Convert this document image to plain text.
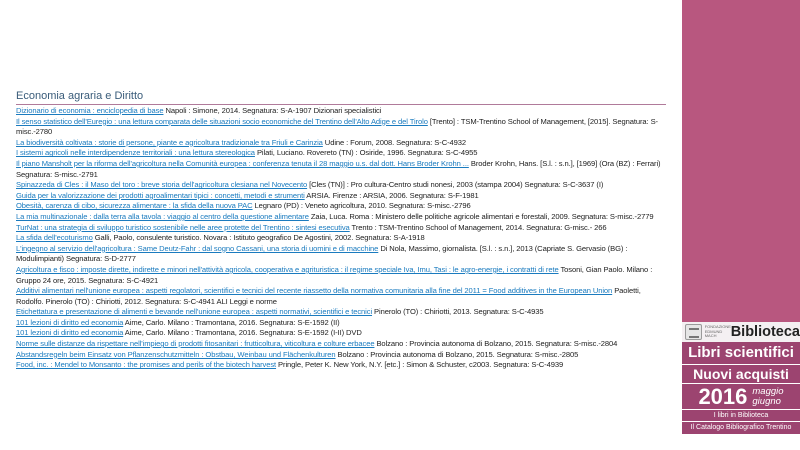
Economia agraria e Diritto
Dizionario di economia : enciclopedia di base Napoli : Simone, 2014. Segnatura: S-A-1907 Dizionari specialistici
Il senso statistico dell'Euregio : una lettura comparata delle situazioni socio economiche del Trentino dell'Alto Adige e del Tirolo [Trento] : TSM-Trentino School of Management, [2015]. Segnatura: S-misc.-2780
La biodiversità coltivata : storie di persone, piante e agricoltura tradizionale tra Friuli e Carinzia Udine : Forum, 2008. Segnatura: S-C-4932
I sistemi agricoli nelle interdipendenze territoriali : una lettura stereologica Pilati, Luciano. Rovereto (TN) : Osiride, 1996. Segnatura: S-C-4955
Il piano Mansholt per la riforma dell'agricoltura nella Comunità europea : conferenza tenuta il 28 maggio u.s. dal dott. Hans Broder Krohn ... Broder Krohn, Hans. [S.l. : s.n.], [1969] (Ora (BZ) : Ferrari) Segnatura: S-misc.-2791
Spinazzeda di Cles : il Maso del toro : breve storia dell'agricoltura clesiana nel Novecento [Cles (TN)] : Pro cultura-Centro studi nonesi, 2003 (stampa 2004) Segnatura: S-C-3637 (I)
Guida per la valorizzazione dei prodotti agroalimentari tipici : concetti, metodi e strumenti ARSIA. Firenze : ARSIA, 2006. Segnatura: S-F-1981
Obesità, carenza di cibo, sicurezza alimentare : la sfida della nuova PAC Legnaro (PD) : Veneto agricoltura, 2010. Segnatura: S-misc.-2796
La mia multinazionale : dalla terra alla tavola : viaggio al centro della questione alimentare Zaia, Luca. Roma : Ministero delle politiche agricole alimentari e forestali, 2009. Segnatura: S-misc.-2779
TurNat : una strategia di sviluppo turistico sostenibile nelle aree protette del Trentino : sintesi esecutiva Trento : TSM-Trentino School of Management, 2014. Segnatura: G-misc.- 266
La sfida dell'ecoturismo Galli, Paolo, consulente turistico. Novara : Istituto geografico De Agostini, 2002. Segnatura: S-A-1918
L'ingegno al servizio dell'agricoltura : Same Deutz-Fahr : dal sogno Cassani, una storia di uomini e di macchine Di Nola, Massimo, giornalista. [S.l. : s.n.], 2013 (Capriate S. Gervasio (BG) : Modulimpianti) Segnatura: S-D-2777
Agricoltura e fisco : imposte dirette, indirette e minori nell'attività agricola, cooperativa e agrituristica : il regime speciale Iva, Imu, Tasi : le agro-energie, i contratti di rete Tosoni, Gian Paolo. Milano : Gruppo 24 ore, 2015. Segnatura: S-C-4921
Additivi alimentari nell'unione europea : aspetti regolatori, scientifici e tecnici del recente riassetto della normativa comunitaria alla fine del 2011 = Food additives in the European Union Paoletti, Rodolfo. Pinerolo (TO) : Chiriotti, 2012. Segnatura: S-C-4941 ALI Leggi e norme
Etichettatura e presentazione di alimenti e bevande nell'unione europea : aspetti normativi, scientifici e tecnici Pinerolo (TO) : Chiriotti, 2013. Segnatura: S-C-4935
101 lezioni di diritto ed economia Aime, Carlo. Milano : Tramontana, 2016. Segnatura: S-E-1592 (II)
101 lezioni di diritto ed economia Aime, Carlo. Milano : Tramontana, 2016. Segnatura: S-E-1592 (I-II) DVD
Norme sulle distanze da rispettare nell'impiego di prodotti fitosanitari : frutticoltura, viticoltura e colture erbacee Bolzano : Provincia autonoma di Bolzano, 2015. Segnatura: S-misc.-2804
Abstandsregeln beim Einsatz von Pflanzenschutzmitteln : Obstbau, Weinbau und Flächenkulturen Bolzano : Provincia autonoma di Bolzano, 2015. Segnatura: S-misc.-2805
Food, inc. : Mendel to Monsanto : the promises and perils of the biotech harvest Pringle, Peter K. New York, N.Y. [etc.] : Simon & Schuster, c2003. Segnatura: S-C-4939
FONDAZIONE EDMUND MACH Biblioteca
Libri scientifici
Nuovi acquisti
2016 maggio
giugno
I libri in Biblioteca
Il Catalogo Bibliografico Trentino
